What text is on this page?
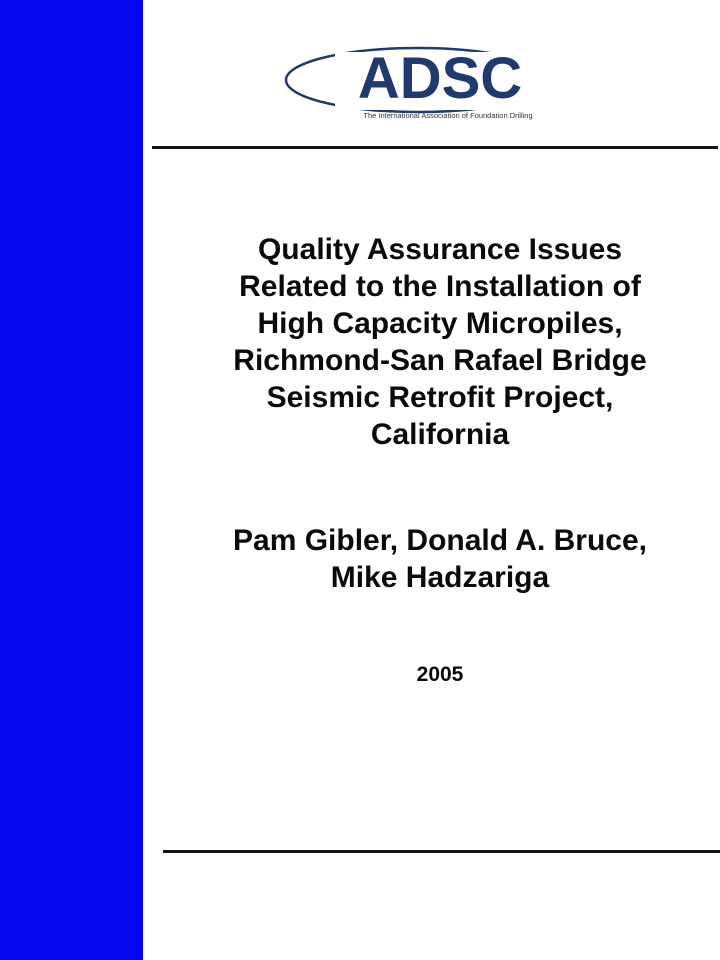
ADSC
The International Association of Foundation Drilling
Quality Assurance Issues
Related to the Installation of
High Capacity Micropiles,
Richmond-San Rafael Bridge
Seismic Retrofit Project,
California

Pam Gibler, Donald A. Bruce,
Mike Hadzariga

2005
